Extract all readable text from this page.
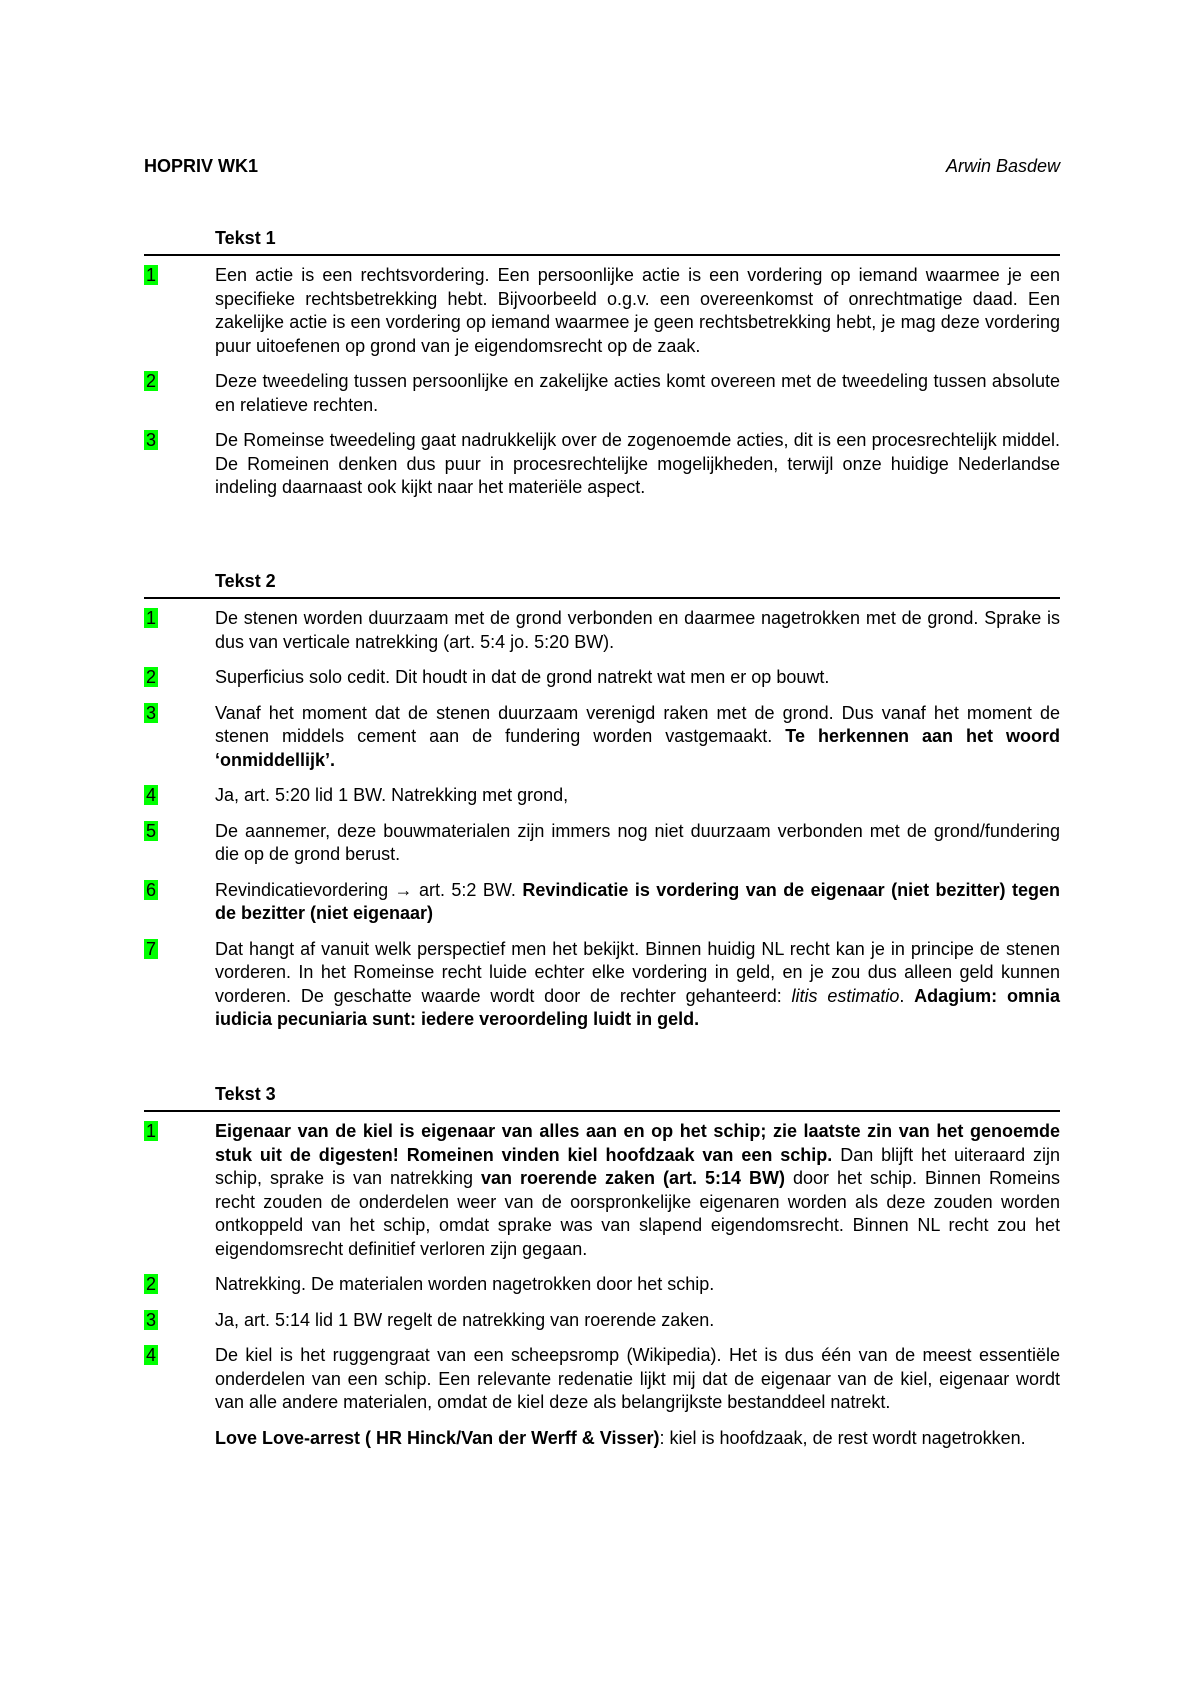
HOPRIV WK1	Arwin Basdew
Tekst 1
1	Een actie is een rechtsvordering. Een persoonlijke actie is een vordering op iemand waarmee je een specifieke rechtsbetrekking hebt. Bijvoorbeeld o.g.v. een overeenkomst of onrechtmatige daad. Een zakelijke actie is een vordering op iemand waarmee je geen rechtsbetrekking hebt, je mag deze vordering puur uitoefenen op grond van je eigendomsrecht op de zaak.
2	Deze tweedeling tussen persoonlijke en zakelijke acties komt overeen met de tweedeling tussen absolute en relatieve rechten.
3	De Romeinse tweedeling gaat nadrukkelijk over de zogenoemde acties, dit is een procesrechtelijk middel. De Romeinen denken dus puur in procesrechtelijke mogelijkheden, terwijl onze huidige Nederlandse indeling daarnaast ook kijkt naar het materiële aspect.
Tekst 2
1	De stenen worden duurzaam met de grond verbonden en daarmee nagetrokken met de grond. Sprake is dus van verticale natrekking (art. 5:4 jo. 5:20 BW).
2	Superficius solo cedit. Dit houdt in dat de grond natrekt wat men er op bouwt.
3	Vanaf het moment dat de stenen duurzaam verenigd raken met de grond. Dus vanaf het moment de stenen middels cement aan de fundering worden vastgemaakt. Te herkennen aan het woord ‘onmiddellijk’.
4	Ja, art. 5:20 lid 1 BW. Natrekking met grond,
5	De aannemer, deze bouwmaterialen zijn immers nog niet duurzaam verbonden met de grond/fundering die op de grond berust.
6	Revindicatievordering → art. 5:2 BW. Revindicatie is vordering van de eigenaar (niet bezitter) tegen de bezitter (niet eigenaar)
7	Dat hangt af vanuit welk perspectief men het bekijkt. Binnen huidig NL recht kan je in principe de stenen vorderen. In het Romeinse recht luide echter elke vordering in geld, en je zou dus alleen geld kunnen vorderen. De geschatte waarde wordt door de rechter gehanteerd: litis estimatio. Adagium: omnia iudicia pecuniaria sunt: iedere veroordeling luidt in geld.
Tekst 3
1	Eigenaar van de kiel is eigenaar van alles aan en op het schip; zie laatste zin van het genoemde stuk uit de digesten! Romeinen vinden kiel hoofdzaak van een schip. Dan blijft het uiteraard zijn schip, sprake is van natrekking van roerende zaken (art. 5:14 BW) door het schip. Binnen Romeins recht zouden de onderdelen weer van de oorspronkelijke eigenaren worden als deze zouden worden ontkoppeld van het schip, omdat sprake was van slapend eigendomsrecht. Binnen NL recht zou het eigendomsrecht definitief verloren zijn gegaan.
2	Natrekking. De materialen worden nagetrokken door het schip.
3	Ja, art. 5:14 lid 1 BW regelt de natrekking van roerende zaken.
4	De kiel is het ruggengraat van een scheepsromp (Wikipedia). Het is dus één van de meest essentiële onderdelen van een schip. Een relevante redenatie lijkt mij dat de eigenaar van de kiel, eigenaar wordt van alle andere materialen, omdat de kiel deze als belangrijkste bestanddeel natrekt.
Love Love-arrest ( HR Hinck/Van der Werff & Visser): kiel is hoofdzaak, de rest wordt nagetrokken.
